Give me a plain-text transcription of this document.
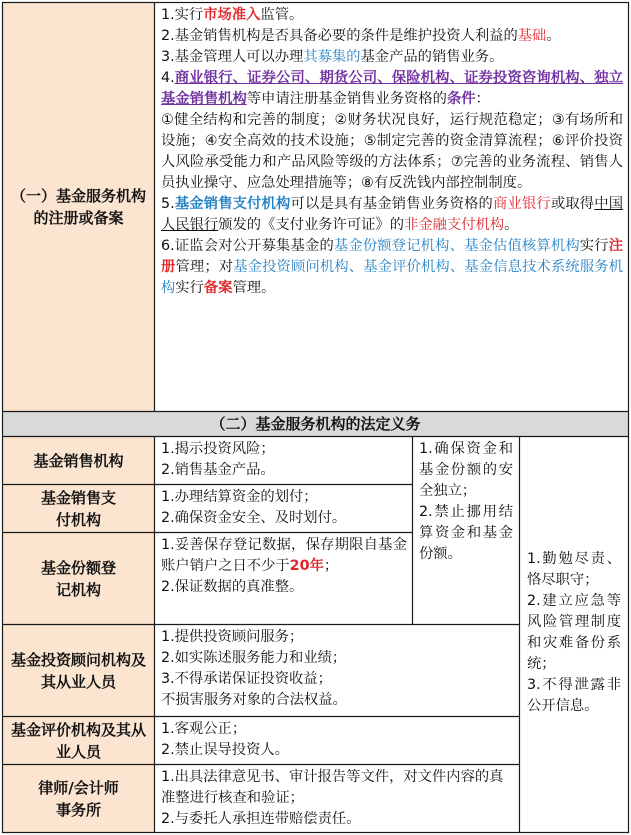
（一）基金服务机构的注册或备案

1.实行市场准入监管。

2.基金销售机构是否具备必要的条件是维护投资人利益的基础。

3.基金管理人可以办理其募集的基金产品的销售业务。

4.商业银行、证券公司、期货公司、保险机构、证券投资咨询机构、独立基金销售机构等申请注册基金销售业务资格的条件：

①健全结构和完善的制度；②财务状况良好，运行规范稳定；③有场所和设施；④安全高效的技术设施；⑤制定完善的资金清算流程；⑥评价投资人风险承受能力和产品风险等级的方法体系；⑦完善的业务流程、销售人员执业操守、应急处理措施等；⑧有反洗钱内部控制制度。

5.基金销售支付机构可以是具有基金销售业务资格的商业银行或取得中国人民银行颁发的《支付业务许可证》的非金融支付机构。

6.证监会对公开募集基金的基金份额登记机构、基金估值核算机构实行注册管理；对基金投资顾问机构、基金评价机构、基金信息技术系统服务机构实行备案管理。

（二）基金服务机构的法定义务
基金销售机构

1.揭示投资风险；

2.销售基金产品。

基金销售支付机构

1.办理结算资金的划付；

2.确保资金安全、及时划付。

基金份额登记机构

1.妥善保存登记数据，保存期限自基金账户销户之日不少于20年；

2.保证数据的真准整。

基金投资顾问机构及其从业人员

1.提供投资顾问服务；

2.如实陈述服务能力和业绩；

3.不得承诺保证投资收益；

不损害服务对象的合法权益。

基金评价机构及其从业人员

1.客观公正；

2.禁止误导投资人。

律师/会计师事务所

1.出具法律意见书、审计报告等文件，对文件内容的真准整进行核查和验证；

2.与委托人承担连带赔偿责任。

1.确保资金和基金份额的安全独立；

2.禁止挪用结算资金和基金份额。	1.勤勉尽责、恪尽职守；

2.建立应急等风险管理制度和灾难备份系统；

3.不得泄露非公开信息。
